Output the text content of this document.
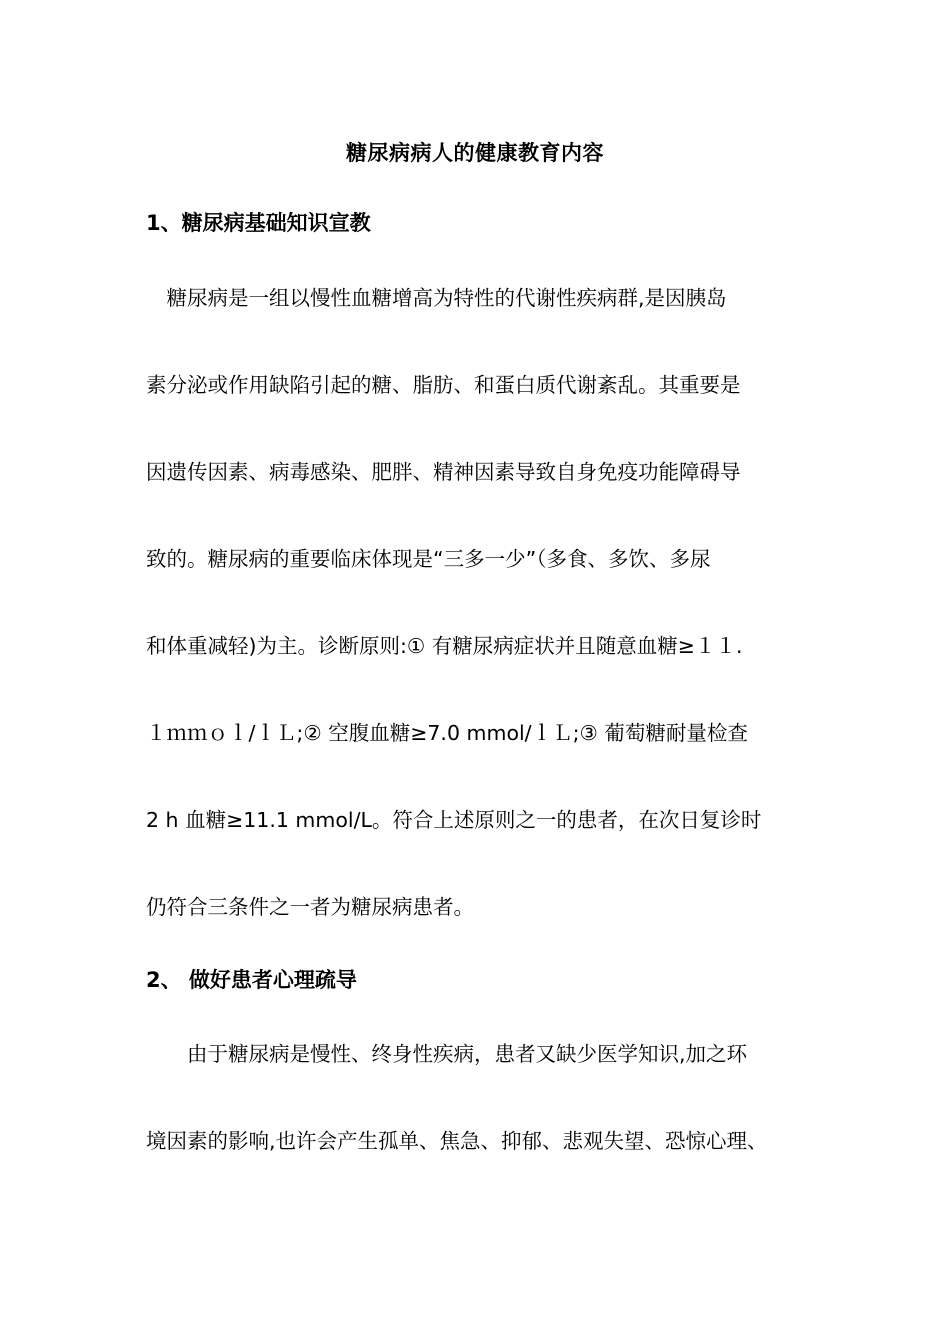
糖尿病病人的健康教育内容
1、糖尿病基础知识宣教
　糖尿病是一组以慢性血糖增高为特性的代谢性疾病群,是因胰岛
素分泌或作用缺陷引起的糖、脂肪、和蛋白质代谢紊乱。其重要是
因遗传因素、病毒感染、肥胖、精神因素导致自身免疫功能障碍导
致的。糖尿病的重要临床体现是“三多一少”（多食、多饮、多尿
和体重减轻)为主。诊断原则:① 有糖尿病症状并且随意血糖≥１１.
１ｍｍｏｌ/ｌＬ;② 空腹血糖≥7.0 mmol/ｌＬ;③ 葡萄糖耐量检查
2 h 血糖≥11.1 mmol/L。符合上述原则之一的患者，在次日复诊时
仍符合三条件之一者为糖尿病患者。
2、 做好患者心理疏导
　　由于糖尿病是慢性、终身性疾病，患者又缺少医学知识,加之环
境因素的影响,也许会产生孤单、焦急、抑郁、悲观失望、恐惊心理、
